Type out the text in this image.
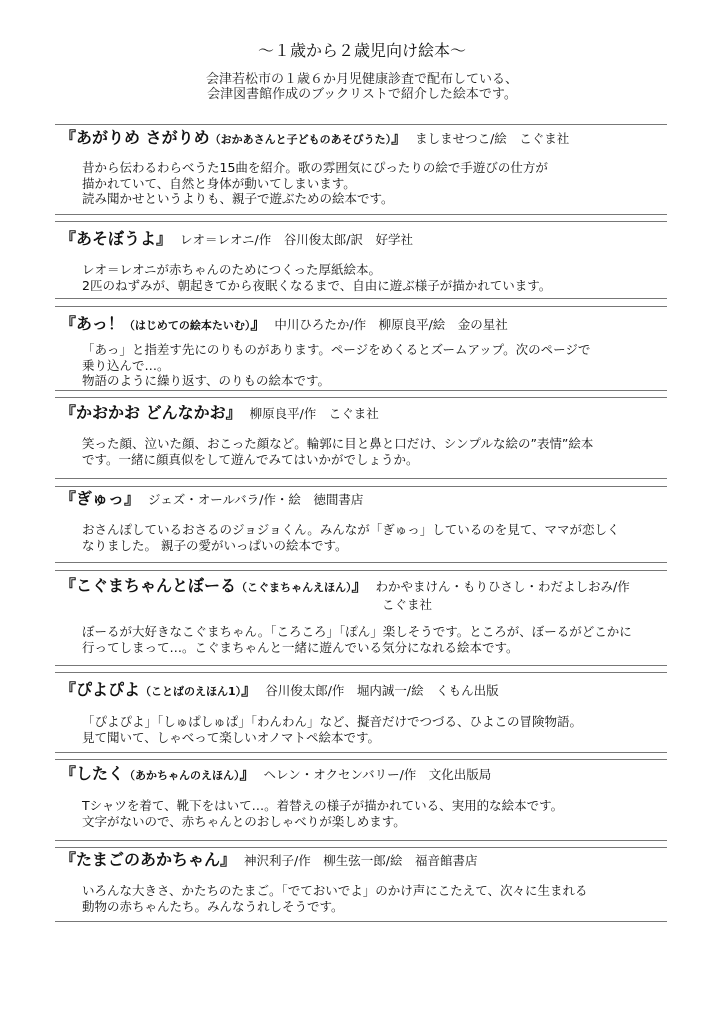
～１歳から２歳児向け絵本～
会津若松市の１歳６か月児健康診査で配布している、
会津図書館作成のブックリストで紹介した絵本です。
『あがりめ さがりめ（おかあさんと子どものあそびうた）』 ましませつこ/絵　こぐま社
昔から伝わるわらべうた15曲を紹介。歌の雰囲気にぴったりの絵で手遊びの仕方が
描かれていて、自然と身体が動いてしまいます。
読み聞かせというよりも、親子で遊ぶための絵本です。
『あそぼうよ』 レオ＝レオニ/作　谷川俊太郎/訳　好学社
レオ＝レオニが赤ちゃんのためにつくった厚紙絵本。
2匹のねずみが、朝起きてから夜眠くなるまで、自由に遊ぶ様子が描かれています。
『あっ！（はじめての絵本たいむ）』 中川ひろたか/作　柳原良平/絵　金の星社
「あっ」と指差す先にのりものがあります。ページをめくるとズームアップ。次のページで
乗り込んで…。
物語のように繰り返す、のりもの絵本です。
『かおかお どんなかお』 柳原良平/作　こぐま社
笑った顔、泣いた顔、おこった顔など。輪郭に目と鼻と口だけ、シンプルな絵の”表情”絵本
です。一緒に顔真似をして遊んでみてはいかがでしょうか。
『ぎゅっ』 ジェズ・オールバラ/作・絵　徳間書店
おさんぽしているおさるのジョジョくん。みんなが「ぎゅっ」しているのを見て、ママが恋しく
なりました。 親子の愛がいっぱいの絵本です。
『こぐまちゃんとぼーる（こぐまちゃんえほん）』 わかやまけん・もりひさし・わだよしおみ/作
こぐま社
ぼーるが大好きなこぐまちゃん。「ころころ」「ぽん」楽しそうです。ところが、ぼーるがどこかに
行ってしまって…。こぐまちゃんと一緒に遊んでいる気分になれる絵本です。
『ぴよぴよ（ことばのえほん1）』 谷川俊太郎/作　堀内誠一/絵　くもん出版
「ぴよぴよ」「しゅぱしゅぱ」「わんわん」など、擬音だけでつづる、ひよこの冒険物語。
見て聞いて、しゃべって楽しいオノマトペ絵本です。
『したく（あかちゃんのえほん）』 ヘレン・オクセンバリー/作　文化出版局
Tシャツを着て、靴下をはいて…。着替えの様子が描かれている、実用的な絵本です。
文字がないので、赤ちゃんとのおしゃべりが楽しめます。
『たまごのあかちゃん』 神沢利子/作　柳生弦一郎/絵　福音館書店
いろんな大きさ、かたちのたまご。「でておいでよ」のかけ声にこたえて、次々に生まれる
動物の赤ちゃんたち。みんなうれしそうです。
